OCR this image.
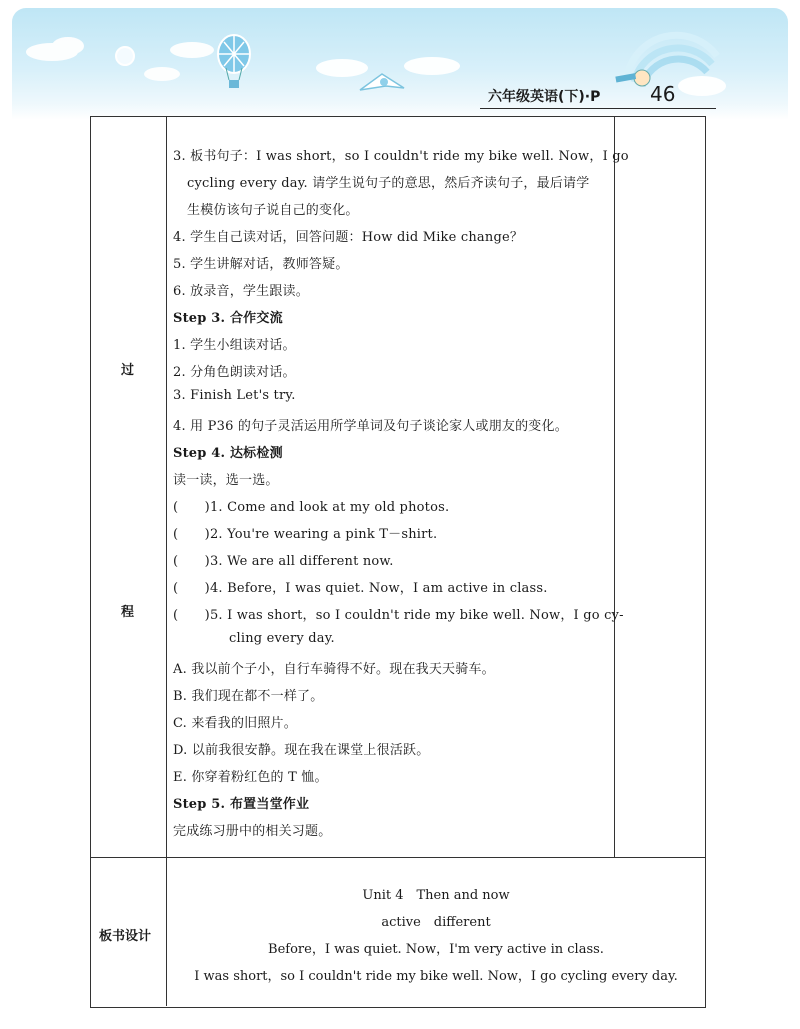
六年级英语(下)·P 46
过
程
板书设计
3. 板书句子：I was short，so I couldn't ride my bike well. Now，I go
cycling every day. 请学生说句子的意思，然后齐读句子，最后请学
生模仿该句子说自己的变化。
4. 学生自己读对话，回答问题：How did Mike change？
5. 学生讲解对话，教师答疑。
6. 放录音，学生跟读。
Step 3. 合作交流
1. 学生小组读对话。
2. 分角色朗读对话。
3. Finish Let's try.
4. 用 P36 的句子灵活运用所学单词及句子谈论家人或朋友的变化。
Step 4. 达标检测
读一读，选一选。
(　　)1. Come and look at my old photos.
(　　)2. You're wearing a pink T－shirt.
(　　)3. We are all different now.
(　　)4. Before，I was quiet. Now，I am active in class.
(　　)5. I was short，so I couldn't ride my bike well. Now，I go cy-
cling every day.
A. 我以前个子小，自行车骑得不好。现在我天天骑车。
B. 我们现在都不一样了。
C. 来看我的旧照片。
D. 以前我很安静。现在我在课堂上很活跃。
E. 你穿着粉红色的 T 恤。
Step 5. 布置当堂作业
完成练习册中的相关习题。
Unit 4　Then and now
active　different
Before，I was quiet. Now，I'm very active in class.
I was short，so I couldn't ride my bike well. Now，I go cycling every day.
